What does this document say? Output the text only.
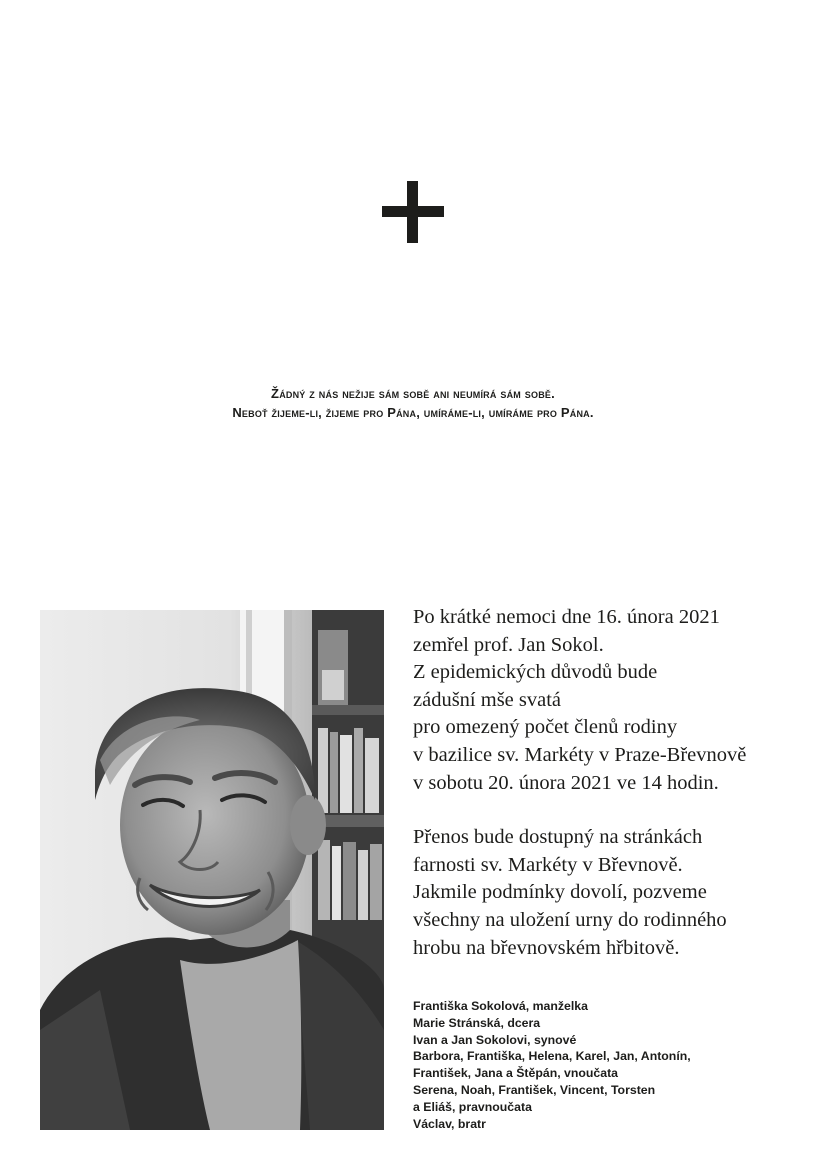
Žádný z nás nežije sám sobě ani neumírá sám sobě.
Neboť žijeme-li, žijeme pro Pána, umíráme-li, umíráme pro Pána.
Po krátké nemoci dne 16. února 2021
zemřel prof. Jan Sokol.
Z epidemických důvodů bude
zádušní mše svatá
pro omezený počet členů rodiny
v bazilice sv. Markéty v Praze-Břevnově
v sobotu 20. února 2021 ve 14 hodin.
Přenos bude dostupný na stránkách
farnosti sv. Markéty v Břevnově.
Jakmile podmínky dovolí, pozveme
všechny na uložení urny do rodinného
hrobu na břevnovském hřbitově.
Františka Sokolová, manželka
Marie Stránská, dcera
Ivan a Jan Sokolovi, synové
Barbora, Františka, Helena, Karel, Jan, Antonín,
František, Jana a Štěpán, vnoučata
Serena, Noah, František, Vincent, Torsten
a Eliáš, pravnoučata
Václav, bratr
